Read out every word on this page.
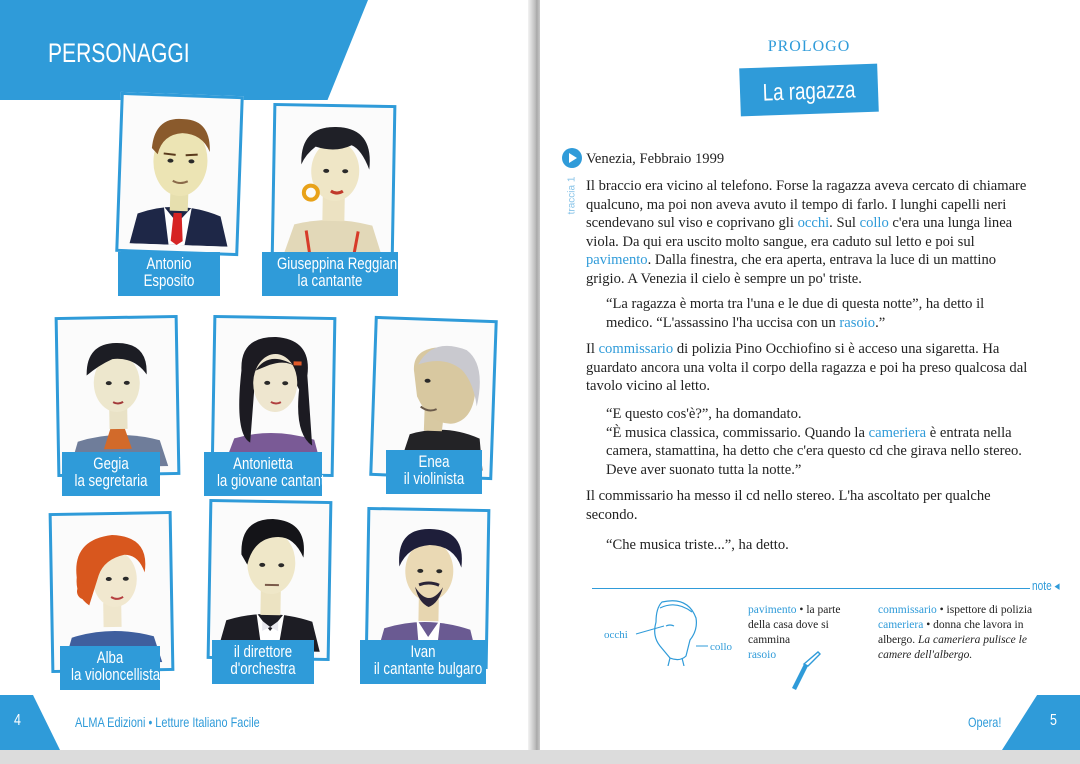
PERSONAGGI
Antonio
Esposito
Giuseppina Reggiani
la cantante
Gegia
la segretaria
Antonietta
la giovane cantante
Enea
il violinista
Alba
la violoncellista
il direttore
d'orchestra
Ivan
il cantante bulgaro
4	ALMA Edizioni • Letture Italiano Facile
PROLOGO
La ragazza
traccia 1
Venezia, Febbraio 1999

Il braccio era vicino al telefono. Forse la ragazza aveva cercato di chiamare qualcuno, ma poi non aveva avuto il tempo di farlo. I lunghi capelli neri scendevano sul viso e coprivano gli occhi. Sul collo c'era una lunga linea viola. Da qui era uscito molto sangue, era caduto sul letto e poi sul pavimento. Dalla finestra, che era aperta, entrava la luce di un mattino grigio. A Venezia il cielo è sempre un po' triste.

“La ragazza è morta tra l'una e le due di questa notte”, ha detto il medico. “L'assassino l'ha uccisa con un rasoio.”

Il commissario di polizia Pino Occhiofino si è acceso una sigaretta. Ha guardato ancora una volta il corpo della ragazza e poi ha preso qualcosa dal tavolo vicino al letto.

“E questo cos'è?”, ha domandato.
“È musica classica, commissario. Quando la cameriera è entrata nella camera, stamattina, ha detto che c'era questo cd che girava nello stereo. Deve aver suonato tutta la notte.”

Il commissario ha messo il cd nello stereo. L'ha ascoltato per qualche secondo.

“Che musica triste...”, ha detto.

note ◂
occhi
collo
pavimento • la parte della casa dove si cammina
rasoio
commissario • ispettore di polizia
cameriera • donna che lavora in albergo. La cameriera pulisce le camere dell'albergo.
Opera!	5
